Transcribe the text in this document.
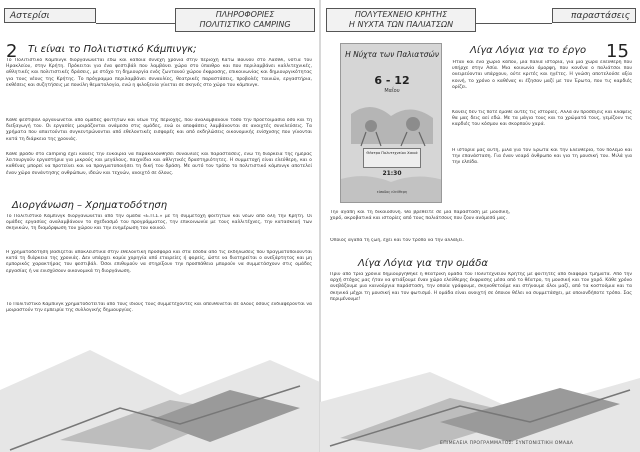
Αστερίσι	ΠΛΗΡΟΦΟΡΙΕΣ
ΠΟΛΙΤΙΣΤΙΚΟ CAMPING
2 Τι είναι το Πολιτιστικό Κάμπινγκ;
Το Πολιτιστικό Κάμπινγκ διοργανώνεται εδώ και κάποια συνεχή χρόνια στην περιοχή Κάτω Βουνού στο Λασίθι, νότια του Ηρακλείου, στην Κρήτη. Πρόκειται για ένα φεστιβάλ που λαμβάνει χώρα στο ύπαιθρο και που περιλαμβάνει καλλιτεχνικές, αθλητικές και πολιτιστικές δράσεις, με στόχο τη δημιουργία ενός ζωντανού χώρου έκφρασης, επικοινωνίας και δημιουργικότητας για τους νέους της Κρήτης. Το πρόγραμμα περιλαμβάνει συναυλίες, θεατρικές παραστάσεις, προβολές ταινιών, εργαστήρια, εκθέσεις και συζητήσεις με ποικίλη θεματολογία, ενώ η φιλοξενία γίνεται σε σκηνές στο χώρο του κάμπινγκ.
Κάθε φεστιβάλ οργανώνεται από ομάδες φοιτητών και νέων της περιοχής, που αναλαμβάνουν τόσο την προετοιμασία όσο και τη διεξαγωγή του. Οι εργασίες μοιράζονται ανάμεσα στις ομάδες, ενώ οι αποφάσεις λαμβάνονται σε ανοιχτές συνελεύσεις. Τα χρήματα που απαιτούνται συγκεντρώνονται από εθελοντικές εισφορές και από εκδηλώσεις οικονομικής ενίσχυσης που γίνονται κατά τη διάρκεια της χρονιάς.
Κάθε βράδυ στο camping έχει κανείς την ευκαιρία να παρακολουθήσει συναυλίες και παραστάσεις, ενώ τη διάρκεια της ημέρας λειτουργούν εργαστήρια για μικρούς και μεγάλους, παιχνίδια και αθλητικές δραστηριότητες. Η συμμετοχή είναι ελεύθερη, και ο καθένας μπορεί να προτείνει και να πραγματοποιήσει τη δική του δράση. Με αυτό τον τρόπο το πολιτιστικό κάμπινγκ αποτελεί έναν χώρο συνάντησης ανθρώπων, ιδεών και τεχνών, ανοιχτό σε όλους.
Διοργάνωση – Χρηματοδότηση
Το Πολιτιστικό Κάμπινγκ διοργανώνεται από την ομάδα «Ε.Π.Σ.» με τη συμμετοχή φοιτητών και νέων από όλη την Κρήτη. Οι ομάδες εργασίας αναλαμβάνουν το σχεδιασμό του προγράμματος, την επικοινωνία με τους καλλιτέχνες, την κατασκευή των σκηνικών, τη διαμόρφωση του χώρου και την ενημέρωση του κοινού.
Η χρηματοδότηση βασίζεται αποκλειστικά στην εθελοντική προσφορά και στα έσοδα από τις εκδηλώσεις που πραγματοποιούνται κατά τη διάρκεια της χρονιάς. Δεν υπάρχει καμία χορηγία από εταιρείες ή φορείς, ώστε να διατηρείται ο ανεξάρτητος και μη εμπορικός χαρακτήρας του φεστιβάλ. Όσοι επιθυμούν να στηρίξουν την προσπάθεια μπορούν να συμμετάσχουν στις ομάδες εργασίας ή να ενισχύσουν οικονομικά τη διοργάνωση.
Το Πολιτιστικό Κάμπινγκ χρηματοδοτείται από τους ίδιους τους συμμετέχοντες και απευθύνεται σε όλους όσους ενδιαφέρονται να μοιραστούν την εμπειρία της συλλογικής δημιουργίας.
ΠΟΛΥΤΕΧΝΕΙΟ ΚΡΗΤΗΣ
Η ΝΥΧΤΑ ΤΩΝ ΠΑΛΙΑΤΣΩΝ
παραστάσεις
15
Η Νύχτα των Παλιατσών
6 - 12
Μαΐου
Θέατρο Πολυτεχνείου Χανιά
21:30
είσοδος ελεύθερη
Λίγα Λόγια για το έργο
Ήταν και ένα χωριό κάπου, μία παλιά ιστορία, για μια χώρα ελεύθερη που υπήρχε στην Ασία. Μια κοινωνία όμορφη, που κανένα ο παλιάτσοι που ονειρεύονται υπάρχουν, ούτε κριτές και ηγέτες. Η γνώση αποτελούσε αξία κοινή, το χρόνο ο καθένας κι έζησαν μαζί με τον Έρωτα, που τις καρδιές ορίζει.
Κανείς δεν τις ποτέ έμαθε αυτές τις ιστορίες. Αλλά αν προσέξεις και κλαψεις θα μας δεις αεί εδώ. Με τα μάγια τους και τα χρώματά τους, γεμίζουν τις καρδιές του κόσμου και σκορπούν χαρά.
Η ιστορία μας αυτή, μιλά για τον Έρωτα και την Ελευθερία, τον πόλεμο και την επανάσταση. Για έναν νεαρό άνθρωπο και για τη μουσική του. Μιλά για την ελπίδα.
Την αγάπη και τη δικαιοσύνη. Θα βρεθείτε σε μία παράσταση με μουσική, χορό, ακροβατικά και ιστορίες από τους παλιάτσους που ζουν ανάμεσά μας.
Όποιος αγαπά τη ζωή, έχει και τον τρόπο να την αλλάξει.
Λίγα Λόγια για την ομάδα
Πριν από τρία χρόνια δημιουργήθηκε η θεατρική ομάδα του Πολυτεχνείου Κρήτης με φοιτητές από διάφορα τμήματα. Από την αρχή στόχος μας ήταν να φτιάξουμε έναν χώρο ελεύθερης έκφρασης μέσα από το θέατρο, τη μουσική και τον χορό. Κάθε χρόνο ανεβάζουμε μια καινούργια παράσταση, την οποία γράφουμε, σκηνοθετούμε και στήνουμε όλοι μαζί, από τα κοστούμια και τα σκηνικά μέχρι τη μουσική και τον φωτισμό. Η ομάδα είναι ανοιχτή σε όποιον θέλει να συμμετάσχει, με οποιονδήποτε τρόπο. Σας περιμένουμε!
ΕΠΙΜΕΛΕΙΑ ΠΡΟΓΡΑΜΜΑΤΟΣ: ΣΥΝΤΟΝΙΣΤΙΚΗ ΟΜΑΔΑ
